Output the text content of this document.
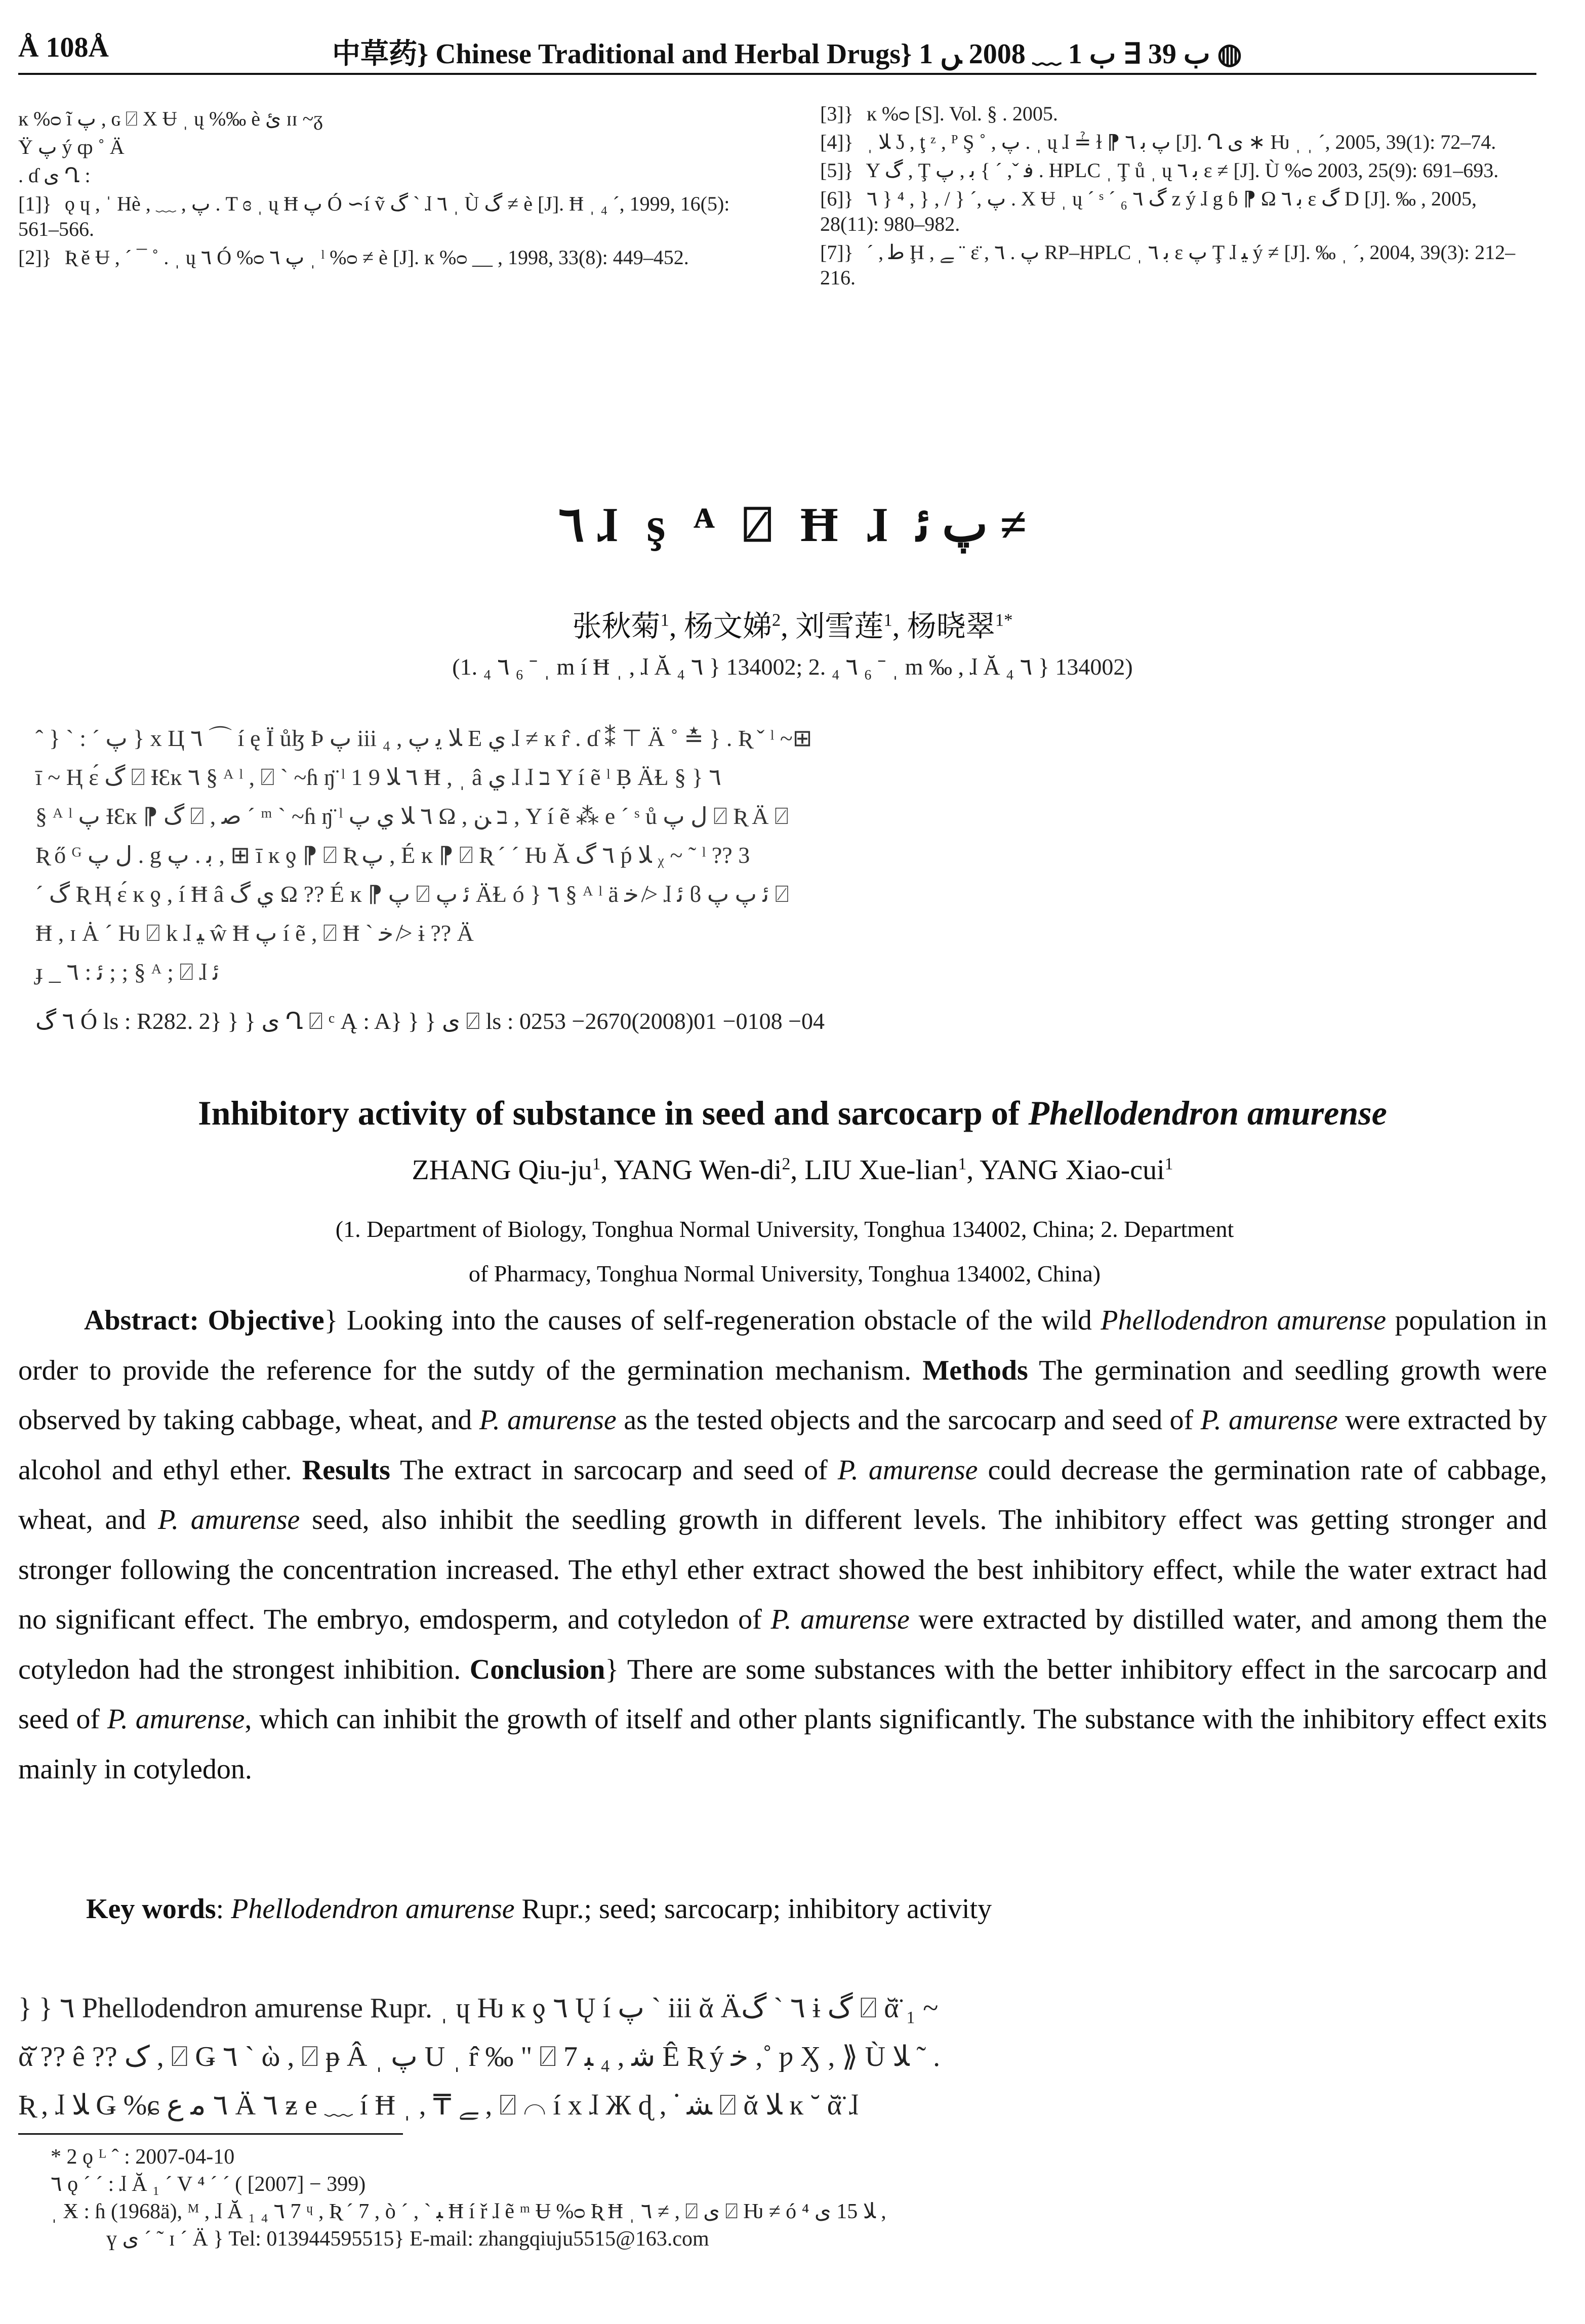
Å 108Å	中草药} Chinese Traditional and Herbal Drugs} ب 39 ∃ ب 1 ﹏ 2008 ﮟ 1 ◍
ĸ %ᴑ ĩ پ , ɢ ⍁ X Ʉ ˌ ų %‰ è ئ ɪɪ ~ᵹ
Ÿ پ ý ȹ ˚ Ä
. ɗ ى Ղ :
[1]} ǫ ɥ , ˈ Hè , ﹏ , پ . T ɞ ˌ ų Ħ پ Ó ∽í ṽ گ ˋ ɺ ٦ ˌ Ù گ ≠ è [J]. Ħ ˌ ₄ ˊ, 1999, 16(5): 561–566.
[2]} Ʀ ĕ Ʉ , ˊ ¯ ˚ . ˌ ų ٦ Ó %ᴑ پ ٦ ˌ ˡ %ᴑ ≠ è [J]. ĸ %ᴑ __ , 1998, 33(8): 449–452.
[3]} ĸ %ᴑ [S]. Vol. § . 2005.
[4]} ˌ ﻼ ʖ , ţ ᶻ , ᴾ Ş ˚ , پ . ˌ ų ɺ ≟ ɫ ⁋ پ ﺑ ٦ [J]. Ղ ى ∗ Ƕ ˌ ˌ ˊ, 2005, 39(1): 72–74.
[5]} Y گ , Ţ ﻓ ˇ, ˊ } ﺑ , پ . HPLC ˌ Ţ ů ˌ ų ﺑ ٦ ɛ ≠ [J]. Ù %ᴑ 2003, 25(9): 691–693.
[6]} ٦ } ⁴ , } , / } ˊ, پ . X Ʉ ˌ ų ˊ ˢ ˊ گ ٦ ₆ z ý ɺ g ɓ ⁋ Ω ﺑ ٦ ɛ گ D [J]. ‰ , 2005, 28(11): 980–982.
[7]} ˊ , ﻃ Ḩ , ﮯ ¨ ɛ̈ , پ . ٦ RP–HPLC ˌ ﺑ ٦ ɛ پ Ţ ɺ ﻴ ý ≠ [J]. ‰ ˌ ˊ, 2004, 39(3): 212–216.
٦ ɺ ş ᴬ ⍁ Ħ ɺ پ ﺋ ≠
张秋菊$^1$, 杨文娣$^2$, 刘雪莲$^1$, 杨晓翠$^{1*}$
(1. ₄ ٦ ₆ ˉ ˌ m í Ħ ˌ , ɺ Ă ₄ ٦ } 134002; 2. ₄ ٦ ₆ ˉ ˌ m ‰ , ɺ Ă ₄ ٦ } 134002)

ˆ } ˋ : ˊ پ } x Ц ٦ ⌒ í ę Ï ůɮ Þ پ iii ₄ , ﻼ ﻳ پ E ﻱ ɺ ≠ ĸ r̂ . ɗ ⁑ ⊤ Ä ˚ ≛ } . Ʀ ˇ ˡ ~⊞

ī ~ Ⱨ ɛ́ گ ⍁ ƗƐĸ ٦ § ᴬ ˡ , ⍁ ` ~ɦ ŋ̈ ˡ ٦ ﻼ 9 1 Ħ , ˌ â ﻱ ɺ ɺ ב Y í ẽ ˡ Ḅ ÄⱢ § } ٦

§ ᴬ ˡ پ ƗƐĸ ⁋ گ ⍁ , ﺻ ˊ ᵐ ˋ ~ɦ ŋ̈ ˡ ٦ ﻼ ﻱ پ Ω , ב ﻦ , Y í ẽ ⁂ e ˊ ˢ ů ﻝ پ ⍁ Ʀ Ä ⍁

Ʀ ő ᴳ ﻝ پ . g ﺑ . ﭖ , ⊞ ī ĸ ƍ ⁋ ⍁ Ʀ ﭖ , É ĸ ⁋ ⍁ Ʀ ˊ ˊ Ƕ Ă ٦ گ ṕ ﻼ ᵪ ~ ˜ ˡ ?? 3

ˊ گ Ʀ Ⱨ ɛ́ ĸ ƍ , í Ħ â ﻱ گ Ω ?? É ĸ ⁋ پ ⍁ ﺋ ﭖ ÄⱢ ó } ٦ § ᴬ ˡ ä ﺧ ≯ ɺ ﺋ ϐ ﺋ پ ﭖ ⍁

Ħ , ɪ Ȧ ˊ Ƕ ⍁ k ɺ ﻴ ŵ Ħ پ í ẽ , ⍁ Ħ ˋ ﺧ ≯ ɨ ?? Ä

ɟ _ ﺋ : ٦ ; ; § ᴬ ; ⍁ ɺ ﺋ

٦ گ Ó ls : R282. 2} } } ى Ղ ⍁ ᶜ Ą : A} } } ى ⍁ ls : 0253 −2670(2008)01 −0108 −04
Inhibitory activity of substance in seed and sarcocarp of Phellodendron amurense
ZHANG Qiu-$ju^1$, YANG Wen-$di^2$, LIU Xue-lian$^1$, YANG Xiao-cui$^1$
(1. Department of Biology, Tonghua Normal University, Tonghua 134002, China; 2. Department
of Pharmacy, Tonghua Normal University, Tonghua 134002, China)
Abstract: Objective} Looking into the causes of self-regeneration obstacle of the wild Phellodendron amurense population in order to provide the reference for the sutdy of the germination mechanism. Methods The germination and seedling growth were observed by taking cabbage, wheat, and P. amurense as the tested objects and the sarcocarp and seed of P. amurense were extracted by alcohol and ethyl ether. Results The extract in sarcocarp and seed of P. amurense could decrease the germination rate of cabbage, wheat, and P. amurense seed, also inhibit the seedling growth in different levels. The inhibitory effect was getting stronger and stronger following the concentration increased. The ethyl ether extract showed the best inhibitory effect, while the water extract had no significant effect. The embryo, emdosperm, and cotyledon of P. amurense were extracted by distilled water, and among them the cotyledon had the strongest inhibition. Conclusion} There are some substances with the better inhibitory effect in the sarcocarp and seed of P. amurense, which can inhibit the growth of itself and other plants significantly. The substance with the inhibitory effect exits mainly in cotyledon.
Key words: Phellodendron amurense Rupr.; seed; sarcocarp; inhibitory activity

} } ٦ Phellodendron amurense Rupr. ˌ ɥ Ƕ ĸ ƍ ٦ Ų í پ ˋ iii ᾰ Ä٦ ˋ گ ɨ گ ⍁ ᾰ̈ ₁ ~

ᾰ̆ ?? ê ?? ﮎ , ⍁ Ǥ ٦ ˋ ὼ , ⍁ ᵽ Â ˌ پ U ˌ r̂ ‰ " ⍁ ﺷ , ₄ ﺒ 7 Ê Ʀ ý ﺧ ,˚ ƿ Ӽ , ⟫ Ù ﻼ ˜ .

Ʀ , ɺ ﻼ Ǥ %ɕ ٦ ﻣ ﻉ Ä ٦ ƶ e ﹏ í Ħ ˌ , ₸ ﮯ , ⍁ ⌒ í x ɺ Ж ɖ , ᣟ ﺸ ⍁ ᾰ ﻼ ĸ ˘ ᾰ̈ ɺ

* 2 ǫ ᴸ ˆ : 2007-04-10

٦ ǫ ˊ ˊ : ɺ Ă ₁ ˊ V ⁴ ˊ ˊ ( [2007] − 399)

ˌ Ӿ : ɦ (1968ä), ᴹ , ɺ Ă ₁ ₄ ٦ 7 ᶣ , Ʀ ˊ 7 , ò ˊ , ˋ ﺒ Ħ í ř ɺ ẽ ᵐ Ʉ %ᴑ Ʀ Ħ ˌ ٦ ≠ , ⍁ ى ⍁ Ƕ ≠ ó ﻼ 15 ى ⁴ ,

ү ى ˊ ˜ ɪ ˊ Ä } Tel: 013944595515} E-mail: zhangqiuju5515@163.com
